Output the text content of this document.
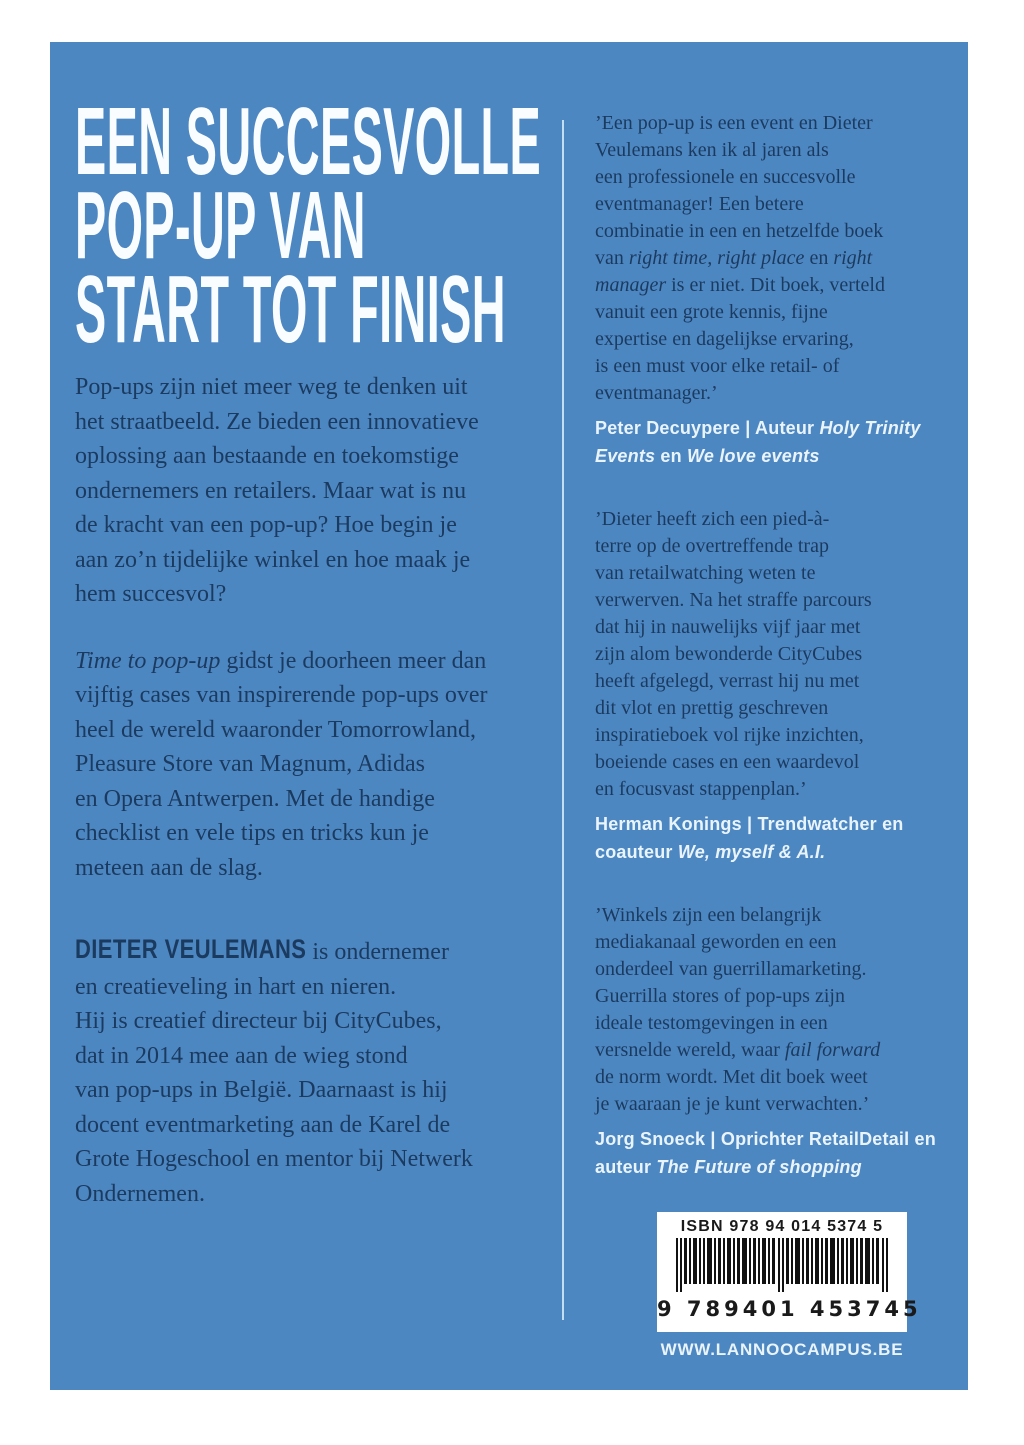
EEN SUCCESVOLLE
POP-UP VAN
START TOT FINISH

Pop-ups zijn niet meer weg te denken uit
het straatbeeld. Ze bieden een innovatieve
oplossing aan bestaande en toekomstige
ondernemers en retailers. Maar wat is nu
de kracht van een pop-up? Hoe begin je
aan zo’n tijdelijke winkel en hoe maak je
hem succesvol?

Time to pop-up gidst je doorheen meer dan
vijftig cases van inspirerende pop-ups over
heel de wereld waaronder Tomorrowland,
Pleasure Store van Magnum, Adidas
en Opera Antwerpen. Met de handige
checklist en vele tips en tricks kun je
meteen aan de slag.

DIETER VEULEMANS is ondernemer
en creatieveling in hart en nieren.
Hij is creatief directeur bij CityCubes,
dat in 2014 mee aan de wieg stond
van pop-ups in België. Daarnaast is hij
docent eventmarketing aan de Karel de
Grote Hogeschool en mentor bij Netwerk
Ondernemen.

’Een pop-up is een event en Dieter
Veulemans ken ik al jaren als
een professionele en succesvolle
eventmanager! Een betere
combinatie in een en hetzelfde boek
van right time, right place en right
manager is er niet. Dit boek, verteld
vanuit een grote kennis, fijne
expertise en dagelijkse ervaring,
is een must voor elke retail- of
eventmanager.’

Peter Decuypere | Auteur Holy Trinity
Events en We love events

’Dieter heeft zich een pied-à-
terre op de overtreffende trap
van retailwatching weten te
verwerven. Na het straffe parcours
dat hij in nauwelijks vijf jaar met
zijn alom bewonderde CityCubes
heeft afgelegd, verrast hij nu met
dit vlot en prettig geschreven
inspiratieboek vol rijke inzichten,
boeiende cases en een waardevol
en focusvast stappenplan.’

Herman Konings | Trendwatcher en
coauteur We, myself & A.I.

’Winkels zijn een belangrijk
mediakanaal geworden en een
onderdeel van guerrillamarketing.
Guerrilla stores of pop-ups zijn
ideale testomgevingen in een
versnelde wereld, waar fail forward
de norm wordt. Met dit boek weet
je waaraan je je kunt verwachten.’

Jorg Snoeck | Oprichter RetailDetail en
auteur The Future of shopping

ISBN 978 94 014 5374 5
9 789401 453745
WWW.LANNOOCAMPUS.BE
